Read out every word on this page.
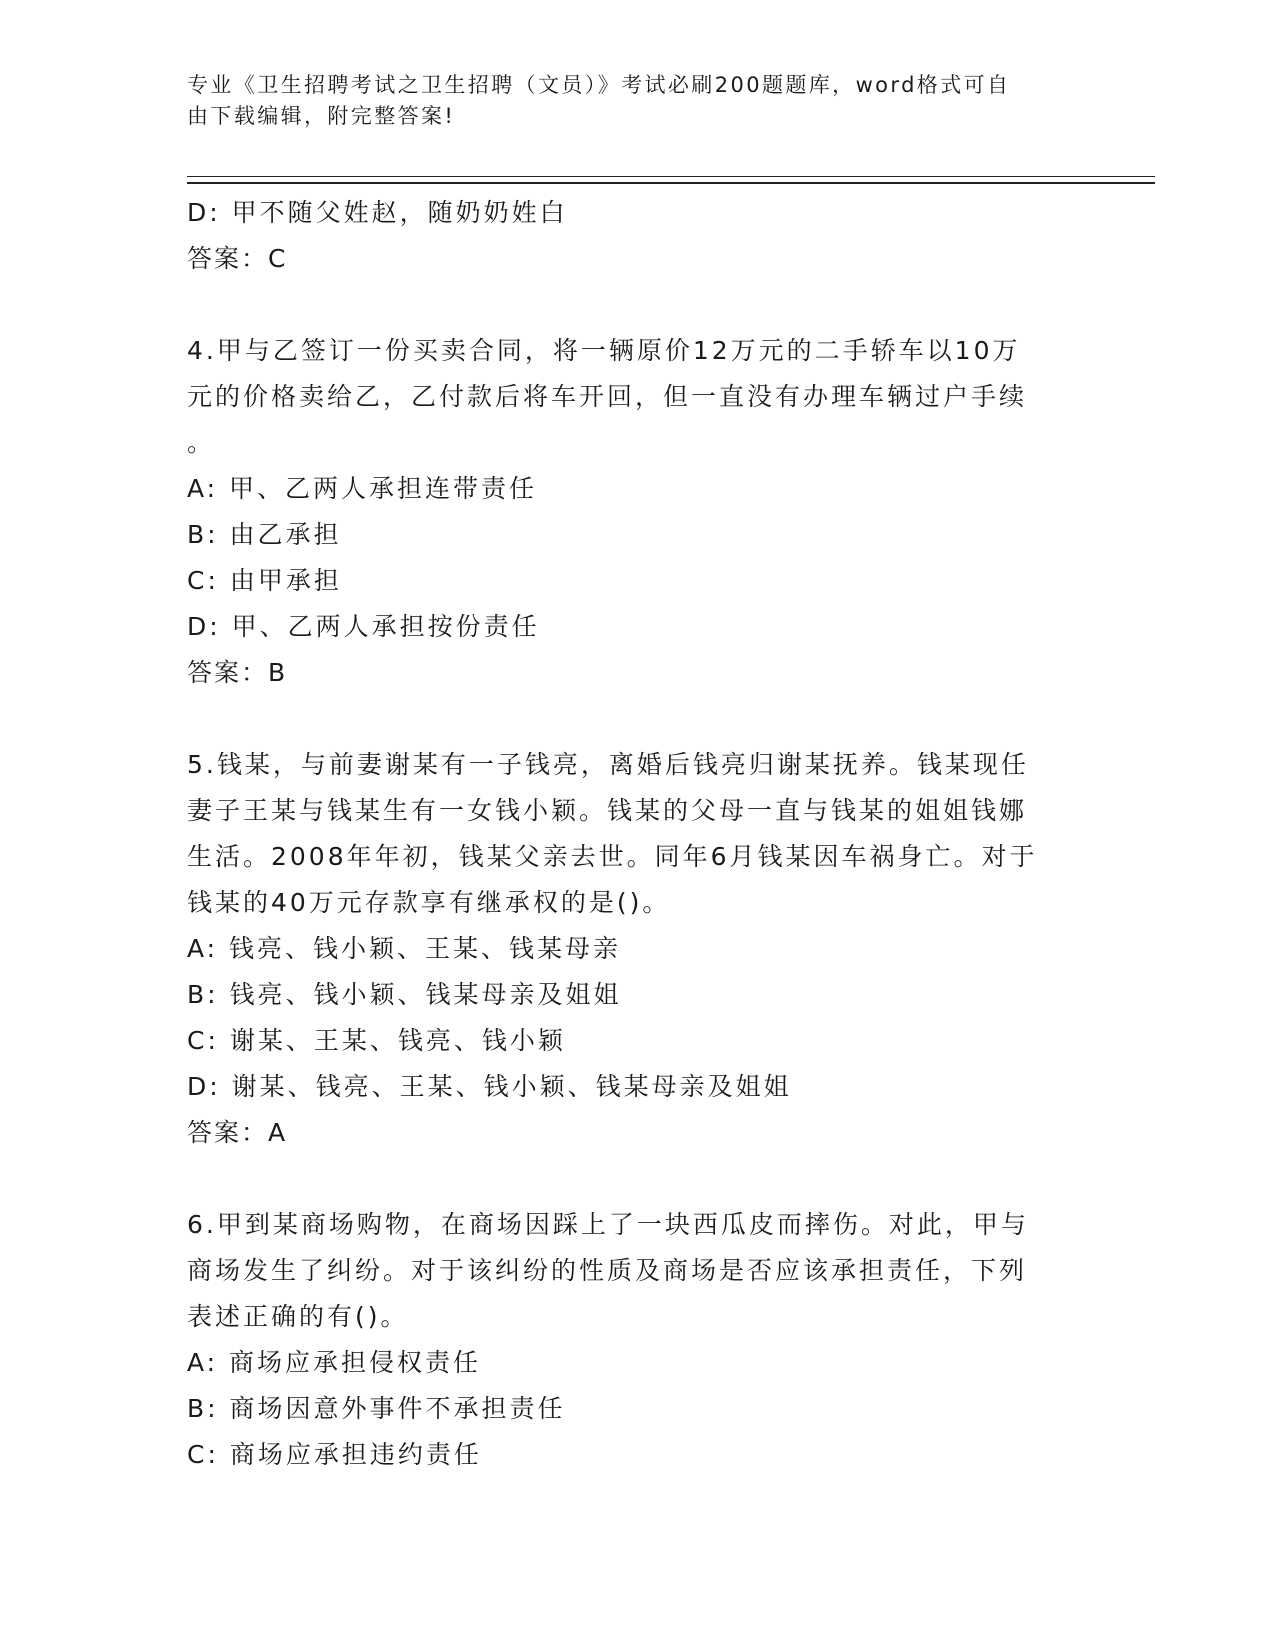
专业《卫生招聘考试之卫生招聘（文员）》考试必刷200题题库，word格式可自
由下载编辑，附完整答案!
D: 甲不随父姓赵，随奶奶姓白
答案：C
4.甲与乙签订一份买卖合同，将一辆原价12万元的二手轿车以10万
元的价格卖给乙，乙付款后将车开回，但一直没有办理车辆过户手续
。
A: 甲、乙两人承担连带责任
B: 由乙承担
C: 由甲承担
D: 甲、乙两人承担按份责任
答案：B
5.钱某，与前妻谢某有一子钱亮，离婚后钱亮归谢某抚养。钱某现任
妻子王某与钱某生有一女钱小颖。钱某的父母一直与钱某的姐姐钱娜
生活。2008年年初，钱某父亲去世。同年6月钱某因车祸身亡。对于
钱某的40万元存款享有继承权的是()。
A: 钱亮、钱小颖、王某、钱某母亲
B: 钱亮、钱小颖、钱某母亲及姐姐
C: 谢某、王某、钱亮、钱小颖
D: 谢某、钱亮、王某、钱小颖、钱某母亲及姐姐
答案：A
6.甲到某商场购物，在商场因踩上了一块西瓜皮而摔伤。对此，甲与
商场发生了纠纷。对于该纠纷的性质及商场是否应该承担责任，下列
表述正确的有()。
A: 商场应承担侵权责任
B: 商场因意外事件不承担责任
C: 商场应承担违约责任
